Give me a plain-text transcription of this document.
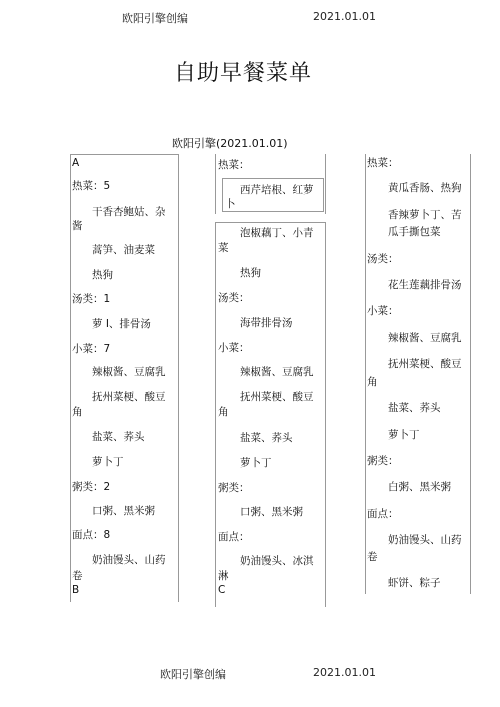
欧阳引擎创编	2021.01.01
自助早餐菜单
欧阳引擎(2021.01.01)
A
热菜：5
干香杏鲍姑、杂
酱
蒿笋、油麦菜
热狗
汤类：1
萝 I、排骨汤
小菜：7
辣椒酱、豆腐乳
抚州菜梗、酸豆
角
盐菜、荞头
萝卜丁
粥类：2
口粥、黑米粥
面点：8
奶油馒头、山药
卷
B
热菜：
西芹培根、红萝
卜
泡椒藕丁、小青
菜
热狗
汤类：
海带排骨汤
小菜：
辣椒酱、豆腐乳
抚州菜梗、酸豆
角
盐菜、荞头
萝卜丁
粥类：
口粥、黑米粥
面点：
奶油馒头、冰淇
淋
C
热菜：
黄瓜香肠、热狗
香辣萝卜丁、苦
瓜手撕包菜
汤类：
花生莲藕排骨汤
小菜：
辣椒酱、豆腐乳
抚州菜梗、酸豆
角
盐菜、荞头
萝卜丁
粥类：
白粥、黑米粥
面点：
奶油馒头、山药
卷
虾饼、粽子
欧阳引擎创编	2021.01.01
